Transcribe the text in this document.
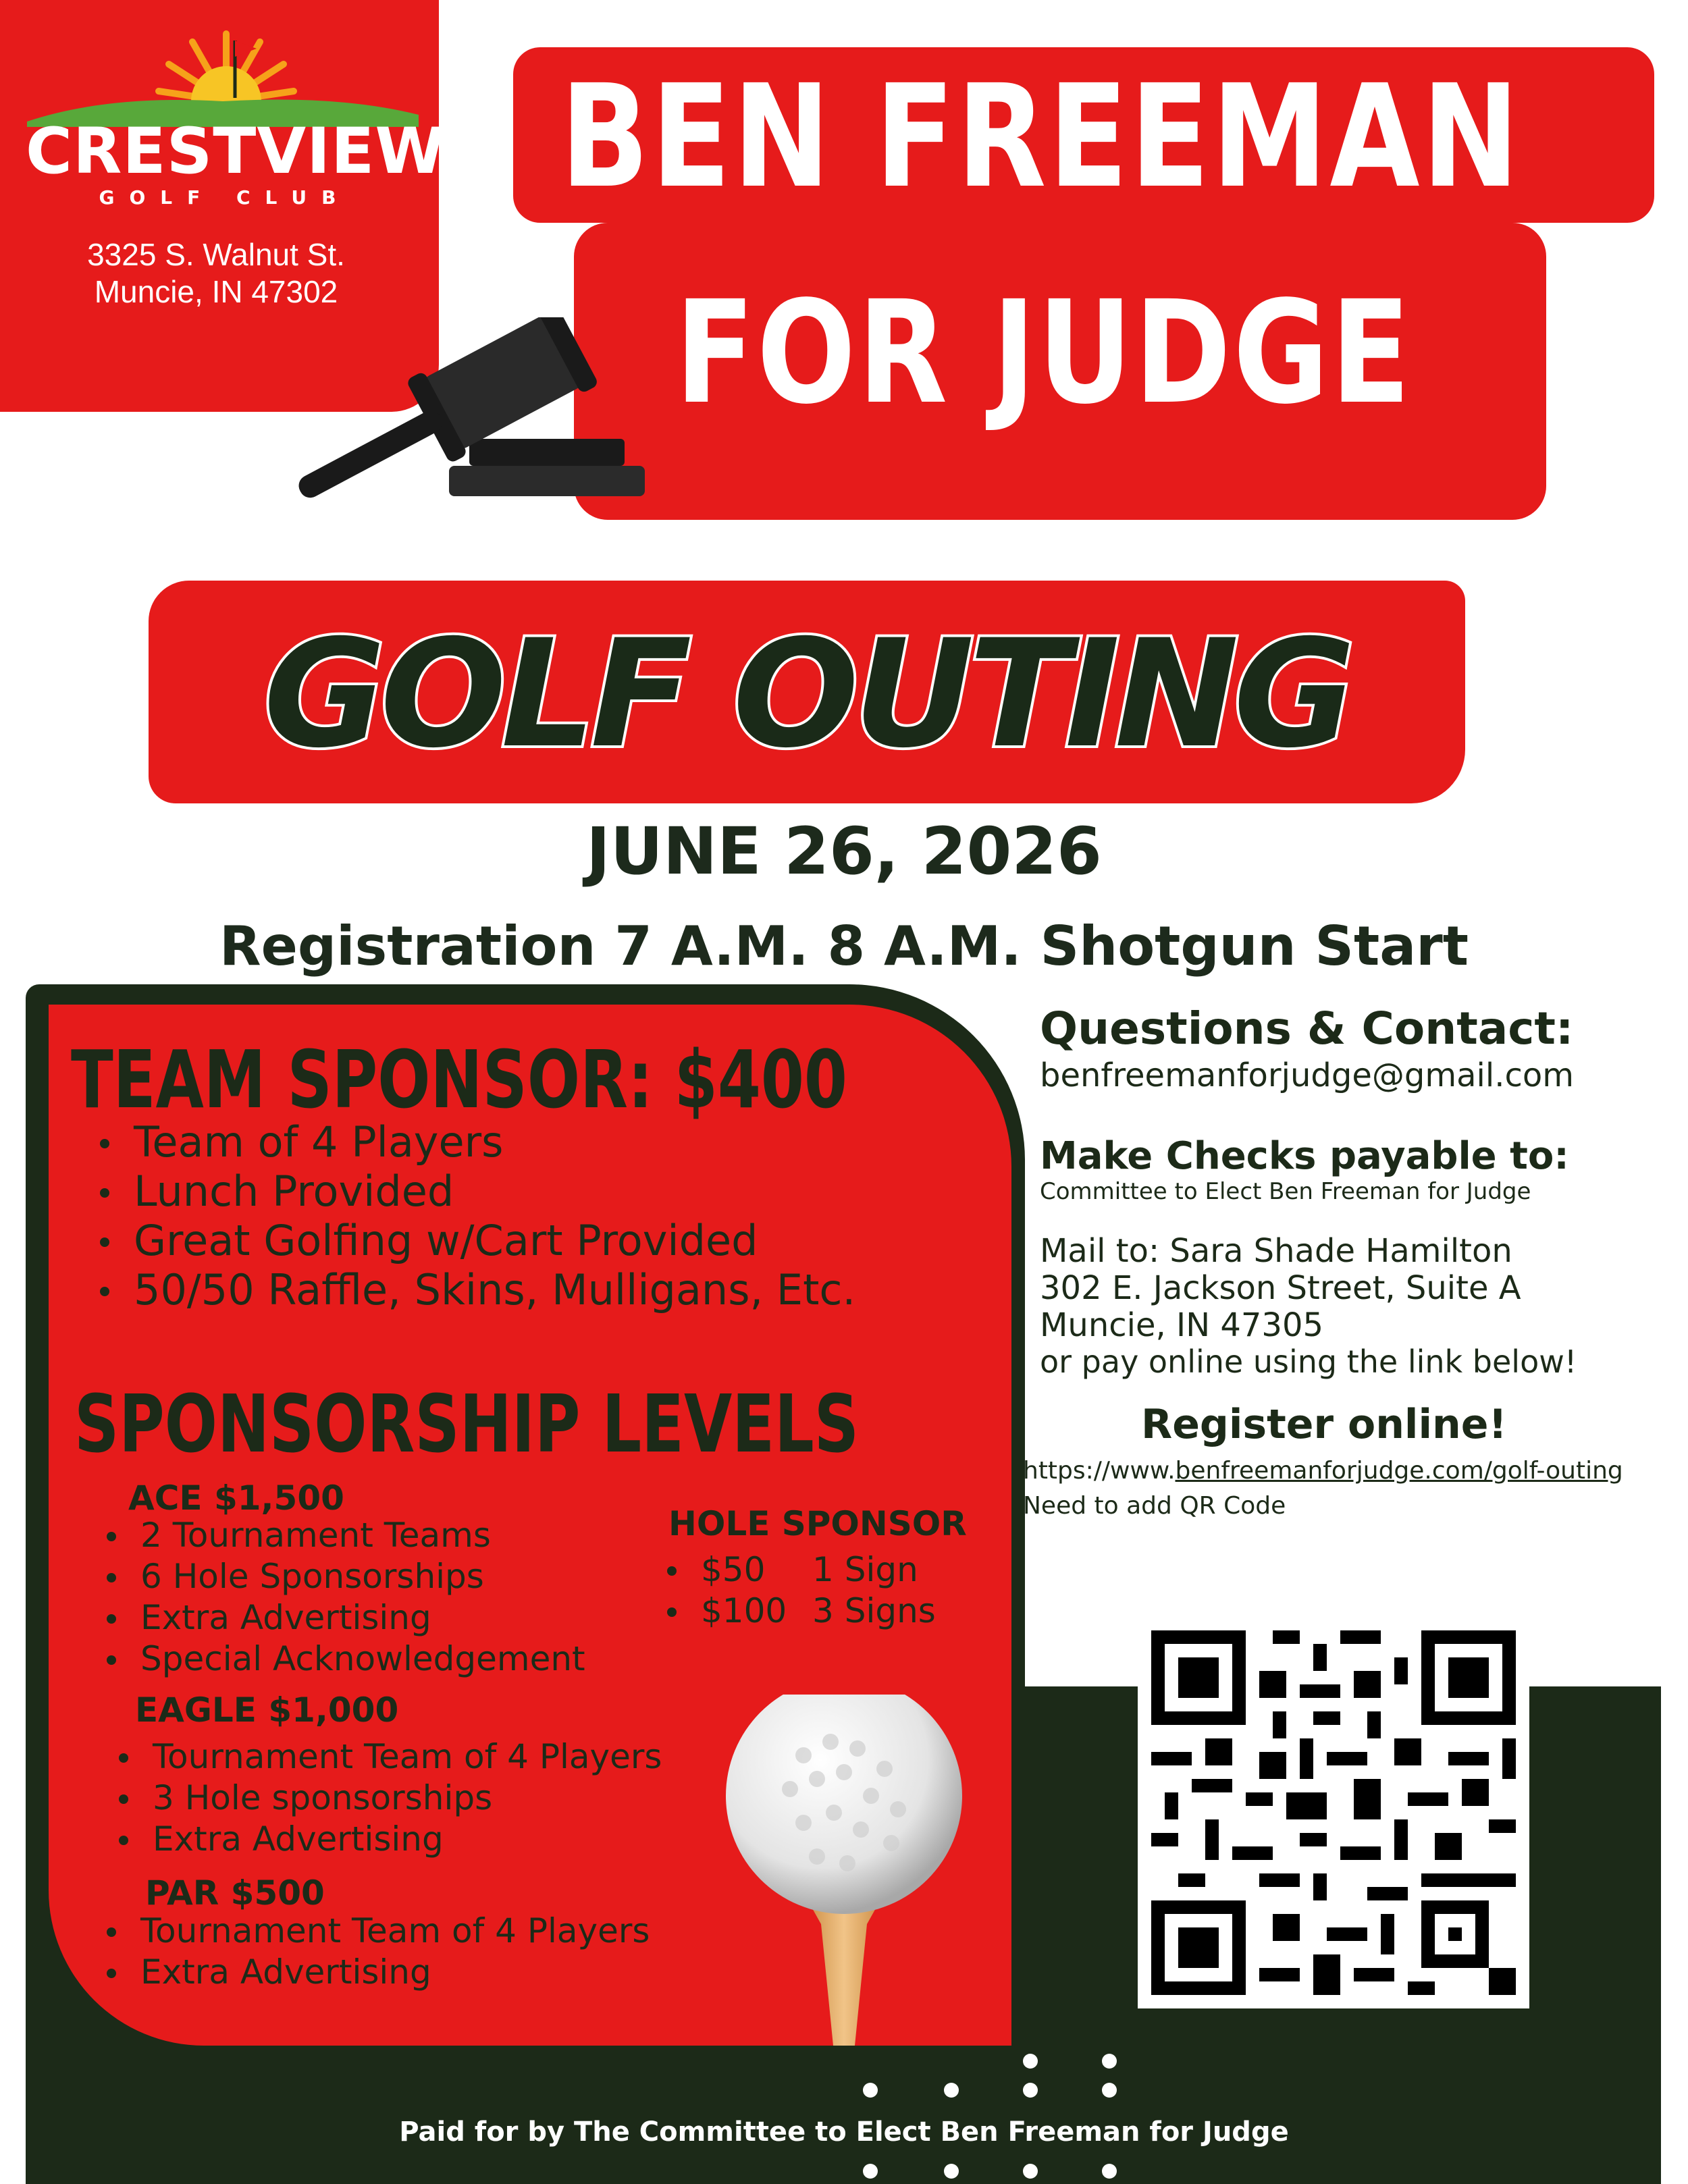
CRESTVIEW
GOLF CLUB
3325 S. Walnut St.
Muncie, IN 47302
BEN FREEMAN
FOR JUDGE
GOLF OUTING
JUNE 26, 2026
Registration 7 A.M. 8 A.M. Shotgun Start
TEAM SPONSOR: $400
Team of 4 Players
Lunch Provided
Great Golfing w/Cart Provided
50/50 Raffle, Skins, Mulligans, Etc.
SPONSORSHIP LEVELS
ACE $1,500
2 Tournament Teams
6 Hole Sponsorships
Extra Advertising
Special Acknowledgement
EAGLE $1,000
Tournament Team of 4 Players
3 Hole sponsorships
Extra Advertising
PAR $500
Tournament Team of 4 Players
Extra Advertising
HOLE SPONSOR
$50 1 Sign
$100 3 Signs
Questions & Contact:
benfreemanforjudge@gmail.com
Make Checks payable to:
Committee to Elect Ben Freeman for Judge
Mail to: Sara Shade Hamilton
302 E. Jackson Street, Suite A
Muncie, IN 47305
or pay online using the link below!
Register online!
https://www.benfreemanforjudge.com/golf-outing
Need to add QR Code
Paid for by The Committee to Elect Ben Freeman for Judge
